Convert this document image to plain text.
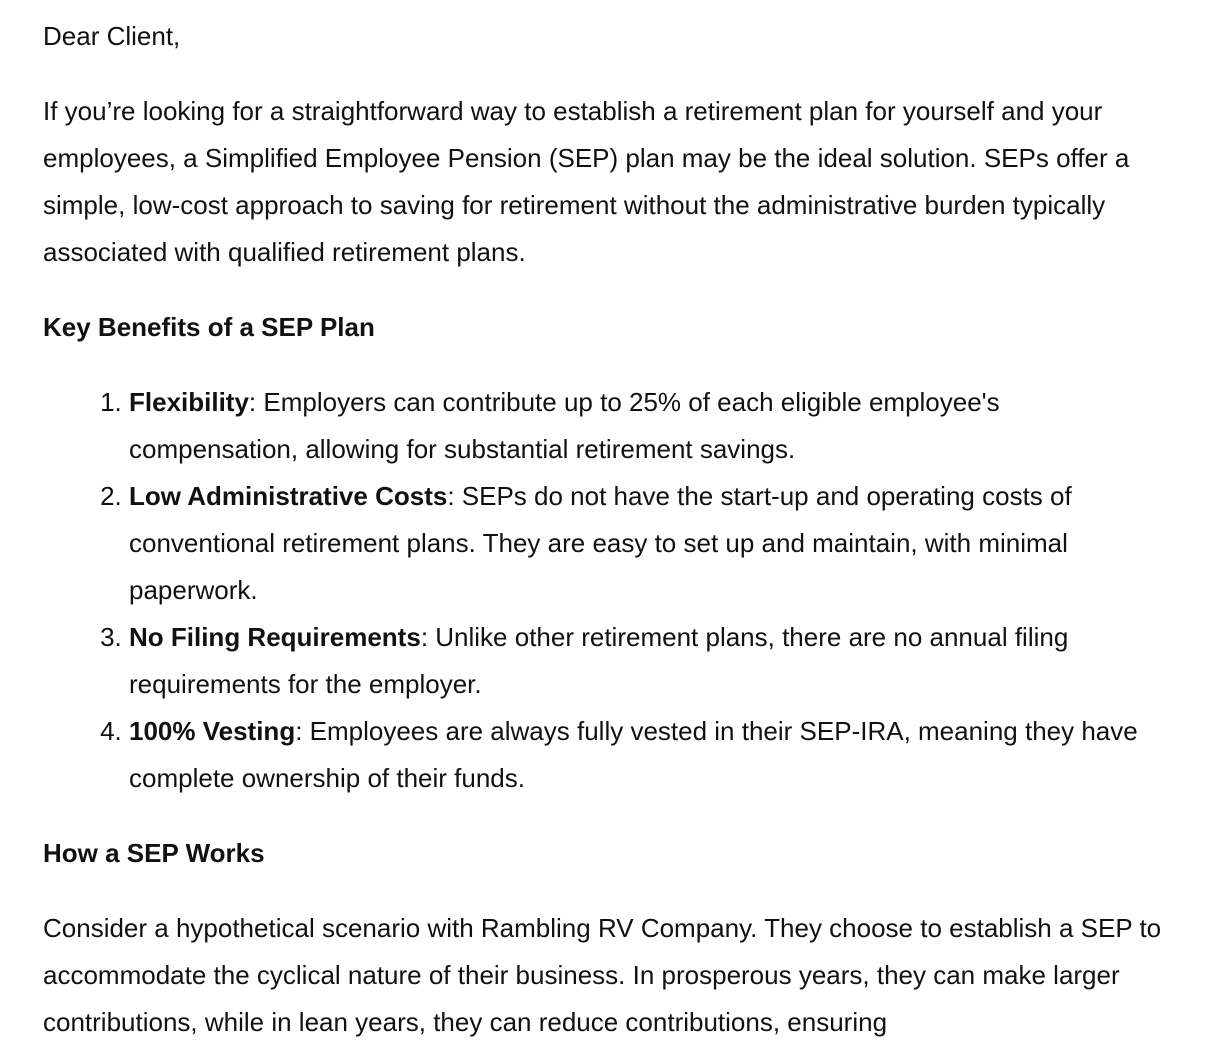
Dear Client,

If you’re looking for a straightforward way to establish a retirement plan for yourself and your employees, a Simplified Employee Pension (SEP) plan may be the ideal solution. SEPs offer a simple, low-cost approach to saving for retirement without the administrative burden typically associated with qualified retirement plans.

Key Benefits of a SEP Plan

1. Flexibility: Employers can contribute up to 25% of each eligible employee's compensation, allowing for substantial retirement savings.
2. Low Administrative Costs: SEPs do not have the start-up and operating costs of conventional retirement plans. They are easy to set up and maintain, with minimal paperwork.
3. No Filing Requirements: Unlike other retirement plans, there are no annual filing requirements for the employer.
4. 100% Vesting: Employees are always fully vested in their SEP-IRA, meaning they have complete ownership of their funds.

How a SEP Works

Consider a hypothetical scenario with Rambling RV Company. They choose to establish a SEP to accommodate the cyclical nature of their business. In prosperous years, they can make larger contributions, while in lean years, they can reduce contributions, ensuring
